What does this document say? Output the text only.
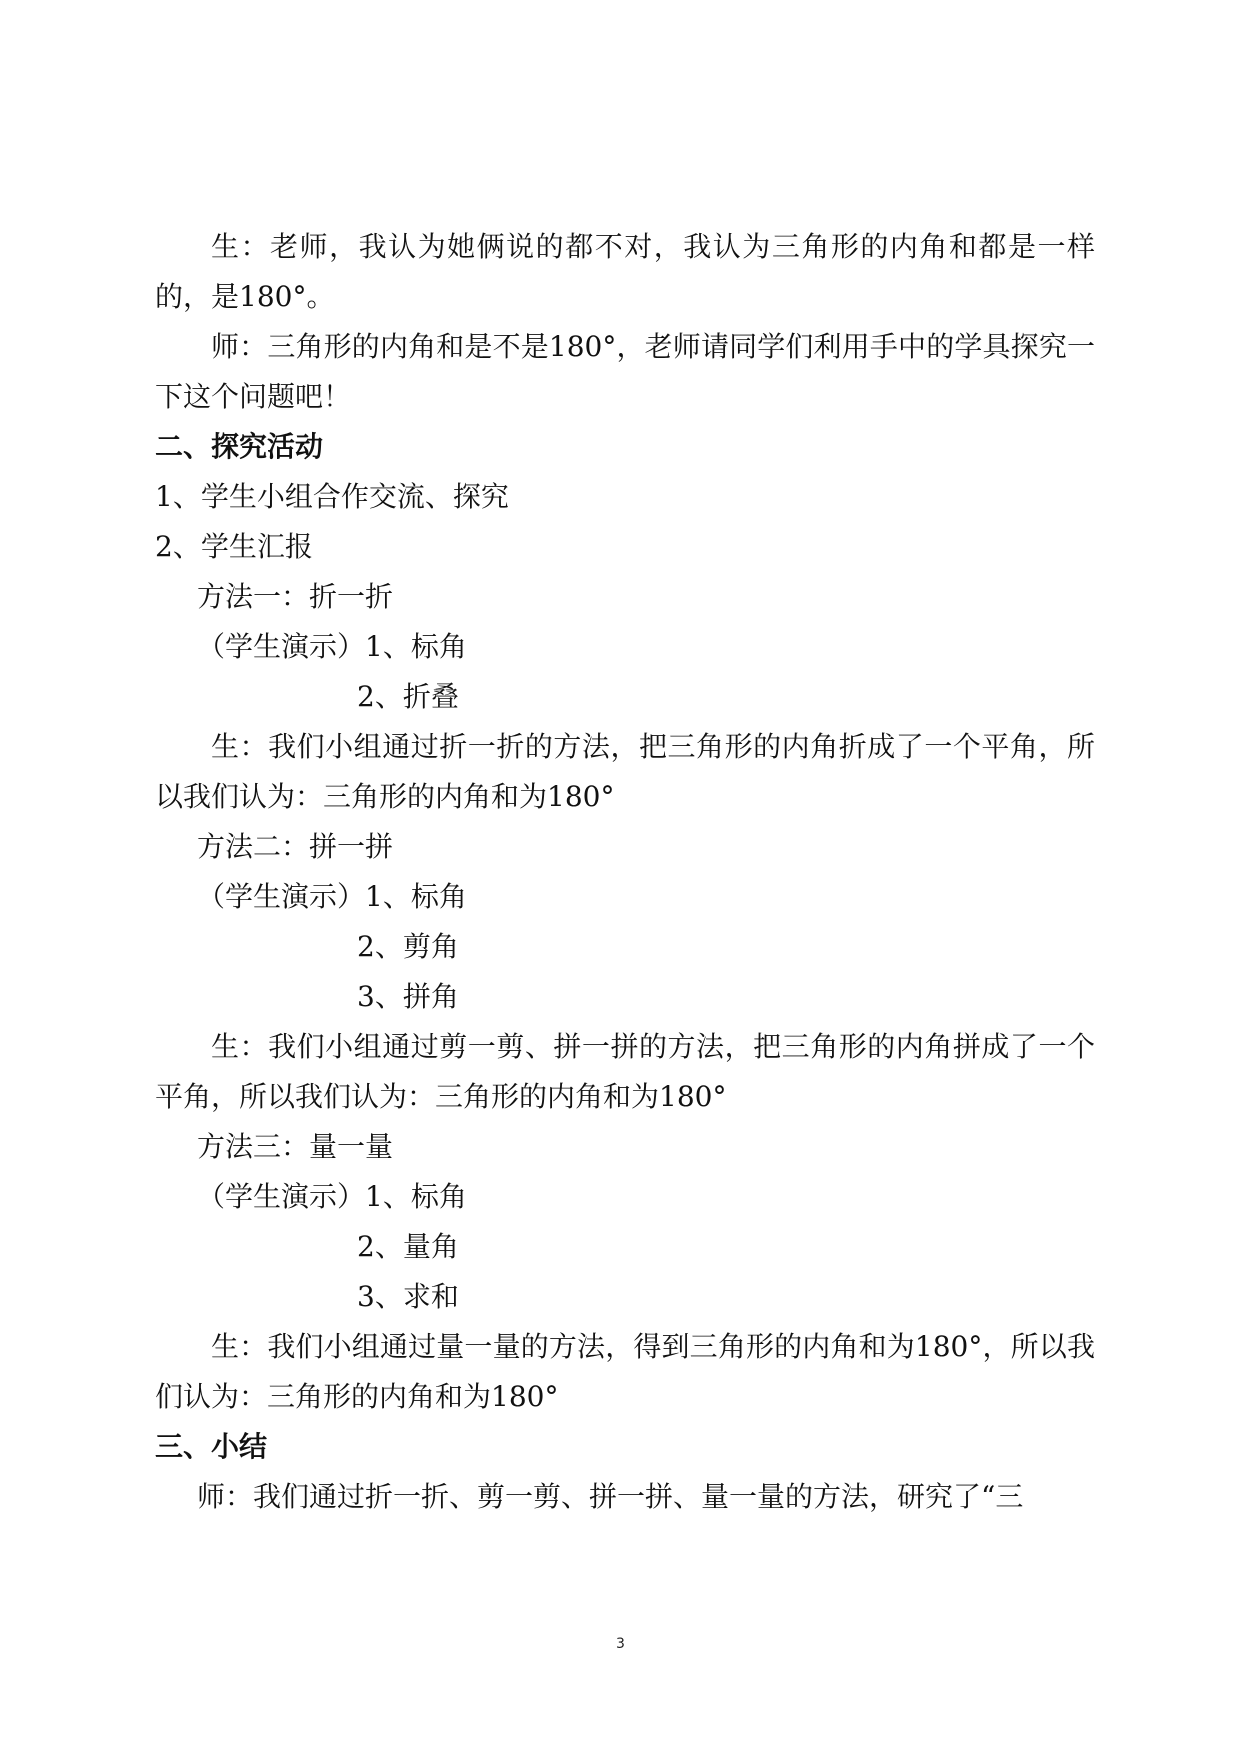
生：老师，我认为她俩说的都不对，我认为三角形的内角和都是一样的，是180°。

师：三角形的内角和是不是180°，老师请同学们利用手中的学具探究一下这个问题吧！

二、探究活动

1、学生小组合作交流、探究

2、学生汇报

方法一：折一折

（学生演示）1、标角

2、折叠

生：我们小组通过折一折的方法，把三角形的内角折成了一个平角，所以我们认为：三角形的内角和为180°

方法二：拼一拼

（学生演示）1、标角

2、剪角

3、拼角

生：我们小组通过剪一剪、拼一拼的方法，把三角形的内角拼成了一个平角，所以我们认为：三角形的内角和为180°

方法三：量一量

（学生演示）1、标角

2、量角

3、求和

生：我们小组通过量一量的方法，得到三角形的内角和为180°，所以我们认为：三角形的内角和为180°

三、小结

师：我们通过折一折、剪一剪、拼一拼、量一量的方法，研究了“三

3
